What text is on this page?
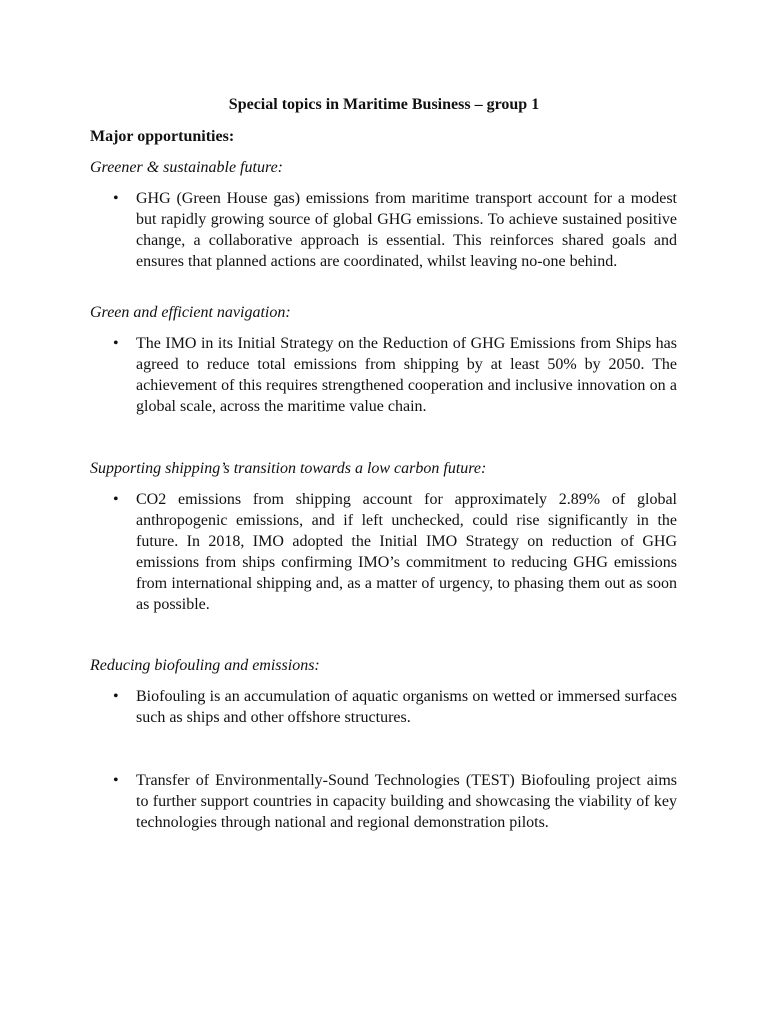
Special topics in Maritime Business – group 1
Major opportunities:
Greener & sustainable future:
• GHG (Green House gas) emissions from maritime transport account for a modest but rapidly growing source of global GHG emissions. To achieve sustained positive change, a collaborative approach is essential. This reinforces shared goals and ensures that planned actions are coordinated, whilst leaving no-one behind.
Green and efficient navigation:
• The IMO in its Initial Strategy on the Reduction of GHG Emissions from Ships has agreed to reduce total emissions from shipping by at least 50% by 2050. The achievement of this requires strengthened cooperation and inclusive innovation on a global scale, across the maritime value chain.
Supporting shipping’s transition towards a low carbon future:
• CO2 emissions from shipping account for approximately 2.89% of global anthropogenic emissions, and if left unchecked, could rise significantly in the future. In 2018, IMO adopted the Initial IMO Strategy on reduction of GHG emissions from ships confirming IMO’s commitment to reducing GHG emissions from international shipping and, as a matter of urgency, to phasing them out as soon as possible.
Reducing biofouling and emissions:
• Biofouling is an accumulation of aquatic organisms on wetted or immersed surfaces such as ships and other offshore structures.
• Transfer of Environmentally-Sound Technologies (TEST) Biofouling project aims to further support countries in capacity building and showcasing the viability of key technologies through national and regional demonstration pilots.
